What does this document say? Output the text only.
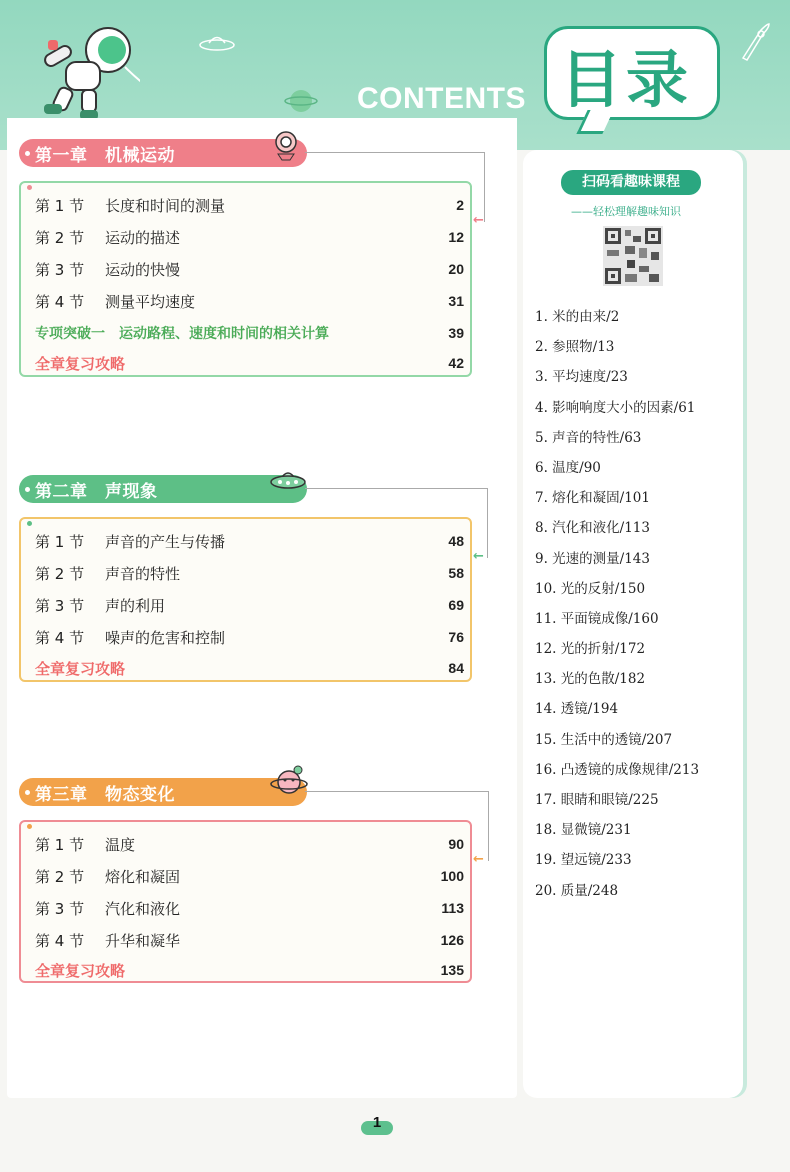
CONTENTS 目录
第一章　机械运动
←
第 1 节	长度和时间的测量	2
第 2 节	运动的描述	12
第 3 节	运动的快慢	20
第 4 节	测量平均速度	31
专项突破一　运动路程、速度和时间的相关计算	39
全章复习攻略	42
第二章　声现象
←
第 1 节	声音的产生与传播	48
第 2 节	声音的特性	58
第 3 节	声的利用	69
第 4 节	噪声的危害和控制	76
全章复习攻略	84
第三章　物态变化
←
第 1 节	温度	90
第 2 节	熔化和凝固	100
第 3 节	汽化和液化	113
第 4 节	升华和凝华	126
全章复习攻略	135
扫码看趣味课程
——轻松理解趣味知识
1. 米的由来/2
2. 参照物/13
3. 平均速度/23
4. 影响响度大小的因素/61
5. 声音的特性/63
6. 温度/90
7. 熔化和凝固/101
8. 汽化和液化/113
9. 光速的测量/143
10. 光的反射/150
11. 平面镜成像/160
12. 光的折射/172
13. 光的色散/182
14. 透镜/194
15. 生活中的透镜/207
16. 凸透镜的成像规律/213
17. 眼睛和眼镜/225
18. 显微镜/231
19. 望远镜/233
20. 质量/248
1
